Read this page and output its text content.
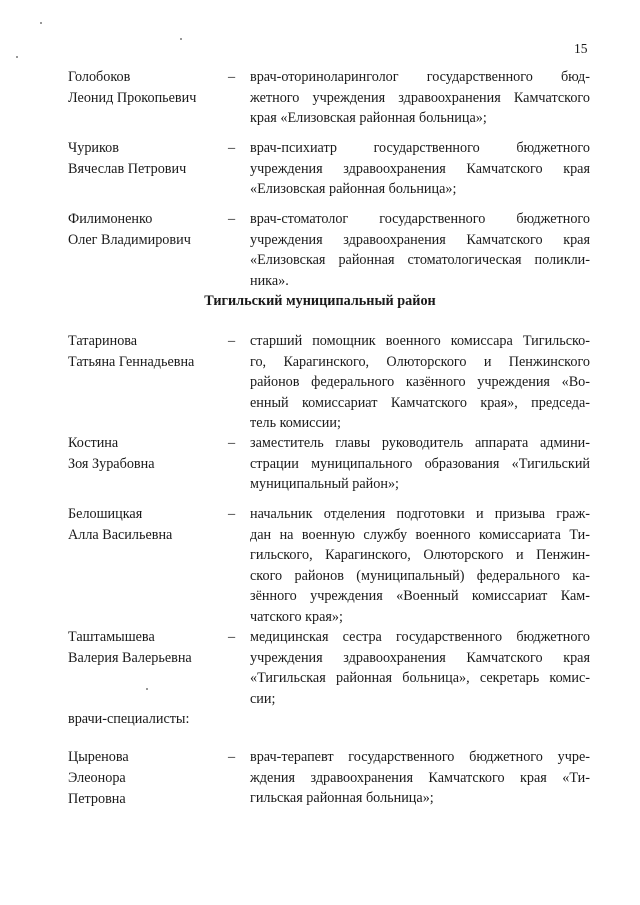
15
Голобоков
Леонид Прокопьевич
– врач-оториноларинголог государственного бюд-
жетного учреждения здравоохранения Камчатского
края «Елизовская районная больница»;
Чуриков
Вячеслав Петрович
– врач-психиатр государственного бюджетного
учреждения здравоохранения Камчатского края
«Елизовская районная больница»;
Филимоненко
Олег Владимирович
– врач-стоматолог государственного бюджетного
учреждения здравоохранения Камчатского края
«Елизовская районная стоматологическая поликли-
ника».
Тигильский муниципальный район
Татаринова
Татьяна Геннадьевна
– старший помощник военного комиссара Тигильско-
го, Карагинского, Олюторского и Пенжинского
районов федерального казённого учреждения «Во-
енный комиссариат Камчатского края», председа-
тель комиссии;
Костина
Зоя Зурабовна
– заместитель главы руководитель аппарата админи-
страции муниципального образования «Тигильский
муниципальный район»;
Белошицкая
Алла Васильевна
– начальник отделения подготовки и призыва граж-
дан на военную службу военного комиссариата Ти-
гильского, Карагинского, Олюторского и Пенжин-
ского районов (муниципальный) федерального ка-
зённого учреждения «Военный комиссариат Кам-
чатского края»;
Таштамышева
Валерия Валерьевна
– медицинская сестра государственного бюджетного
учреждения здравоохранения Камчатского края
«Тигильская районная больница», секретарь комис-
сии;
врачи-специалисты:
Цыренова
Элеонора
Петровна
– врач-терапевт государственного бюджетного учре-
ждения здравоохранения Камчатского края «Ти-
гильская районная больница»;
